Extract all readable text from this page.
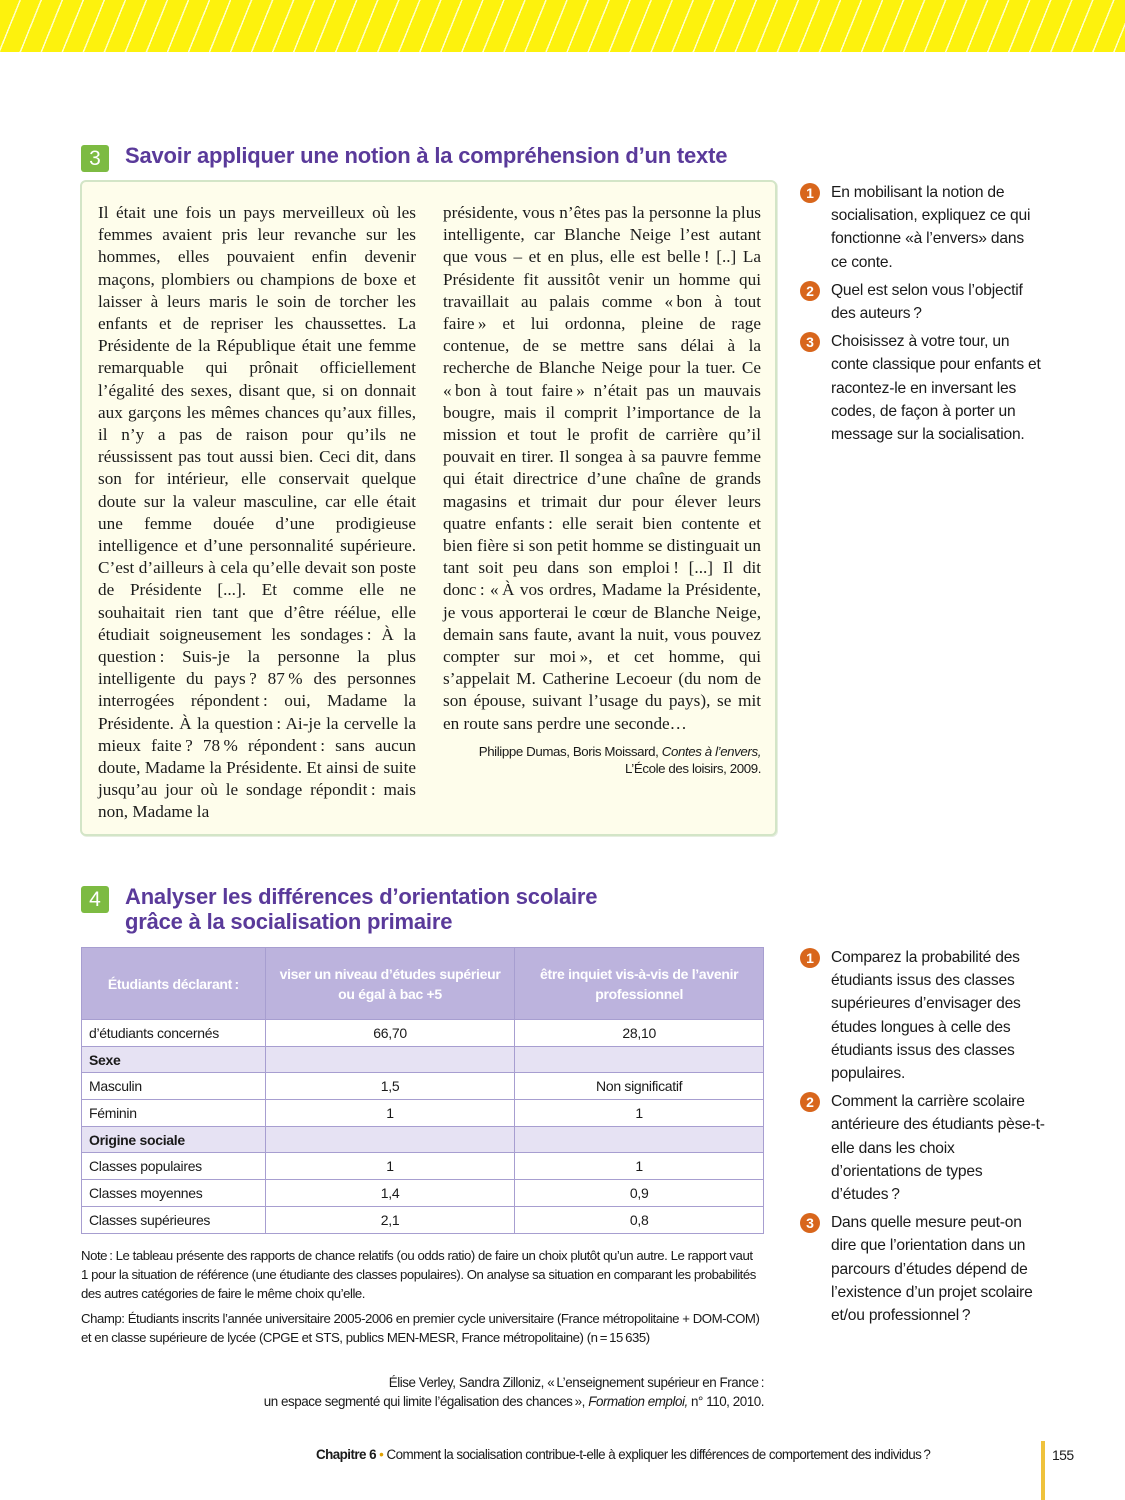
3	Savoir appliquer une notion à la compréhension d’un texte
Il était une fois un pays merveilleux où les femmes avaient pris leur revanche sur les hommes, elles pouvaient enfin devenir maçons, plombiers ou champions de boxe et laisser à leurs maris le soin de torcher les enfants et de repriser les chaussettes. La Présidente de la République était une femme remarquable qui prônait officiellement l’égalité des sexes, disant que, si on donnait aux garçons les mêmes chances qu’aux filles, il n’y a pas de raison pour qu’ils ne réussissent pas tout aussi bien. Ceci dit, dans son for intérieur, elle conservait quelque doute sur la valeur masculine, car elle était une femme douée d’une prodigieuse intelligence et d’une personnalité supérieure. C’est d’ailleurs à cela qu’elle devait son poste de Présidente [...]. Et comme elle ne souhaitait rien tant que d’être réélue, elle étudiait soigneusement les sondages : À la question : Suis-je la personne la plus intelligente du pays ? 87 % des personnes interrogées répondent : oui, Madame la Présidente. À la question : Ai-je la cervelle la mieux faite ? 78 % répondent : sans aucun doute, Madame la Présidente. Et ainsi de suite jusqu’au jour où le sondage répondit : mais non, Madame la
présidente, vous n’êtes pas la personne la plus intelligente, car Blanche Neige l’est autant que vous – et en plus, elle est belle ! [..] La Présidente fit aussitôt venir un homme qui travaillait au palais comme « bon à tout faire » et lui ordonna, pleine de rage contenue, de se mettre sans délai à la recherche de Blanche Neige pour la tuer. Ce « bon à tout faire » n’était pas un mauvais bougre, mais il comprit l’importance de la mission et tout le profit de carrière qu’il pouvait en tirer. Il songea à sa pauvre femme qui était directrice d’une chaîne de grands magasins et trimait dur pour élever leurs quatre enfants : elle serait bien contente et bien fière si son petit homme se distinguait un tant soit peu dans son emploi ! [...] Il dit donc : « À vos ordres, Madame la Présidente, je vous apporterai le cœur de Blanche Neige, demain sans faute, avant la nuit, vous pouvez compter sur moi », et cet homme, qui s’appelait M. Catherine Lecoeur (du nom de son épouse, suivant l’usage du pays), se mit en route sans perdre une seconde…
Philippe Dumas, Boris Moissard, Contes à l’envers,
L’École des loisirs, 2009.
1	En mobilisant la notion de socialisation, expliquez ce qui fonctionne «à l’envers» dans ce conte.
2	Quel est selon vous l’objectif des auteurs ?
3	Choisissez à votre tour, un conte classique pour enfants et racontez-le en inversant les codes, de façon à porter un message sur la socialisation.
4	Analyser les différences d’orientation scolaire
grâce à la socialisation primaire
Étudiants déclarant :	viser un niveau d’études supérieur ou égal à bac +5	être inquiet vis-à-vis de l’avenir professionnel
d’étudiants concernés	66,70	28,10
Sexe		
Masculin	1,5	Non significatif
Féminin	1	1
Origine sociale		
Classes populaires	1	1
Classes moyennes	1,4	0,9
Classes supérieures	2,1	0,8
Note : Le tableau présente des rapports de chance relatifs (ou odds ratio) de faire un choix plutôt qu’un autre. Le rapport vaut 1 pour la situation de référence (une étudiante des classes populaires). On analyse sa situation en comparant les probabilités des autres catégories de faire le même choix qu’elle.
Champ: Étudiants inscrits l’année universitaire 2005-2006 en premier cycle universitaire (France métropolitaine + DOM-COM) et en classe supérieure de lycée (CPGE et STS, publics MEN-MESR, France métropolitaine) (n = 15 635)
Élise Verley, Sandra Zilloniz, « L’enseignement supérieur en France :
un espace segmenté qui limite l’égalisation des chances », Formation emploi, n° 110, 2010.
1	Comparez la probabilité des étudiants issus des classes supérieures d’envisager des études longues à celle des étudiants issus des classes populaires.
2	Comment la carrière scolaire antérieure des étudiants pèse-t-elle dans les choix d’orientations de types d’études ?
3	Dans quelle mesure peut-on dire que l’orientation dans un parcours d’études dépend de l’existence d’un projet scolaire et/ou professionnel ?
Chapitre 6 • Comment la socialisation contribue-t-elle à expliquer les différences de comportement des individus ?	155
